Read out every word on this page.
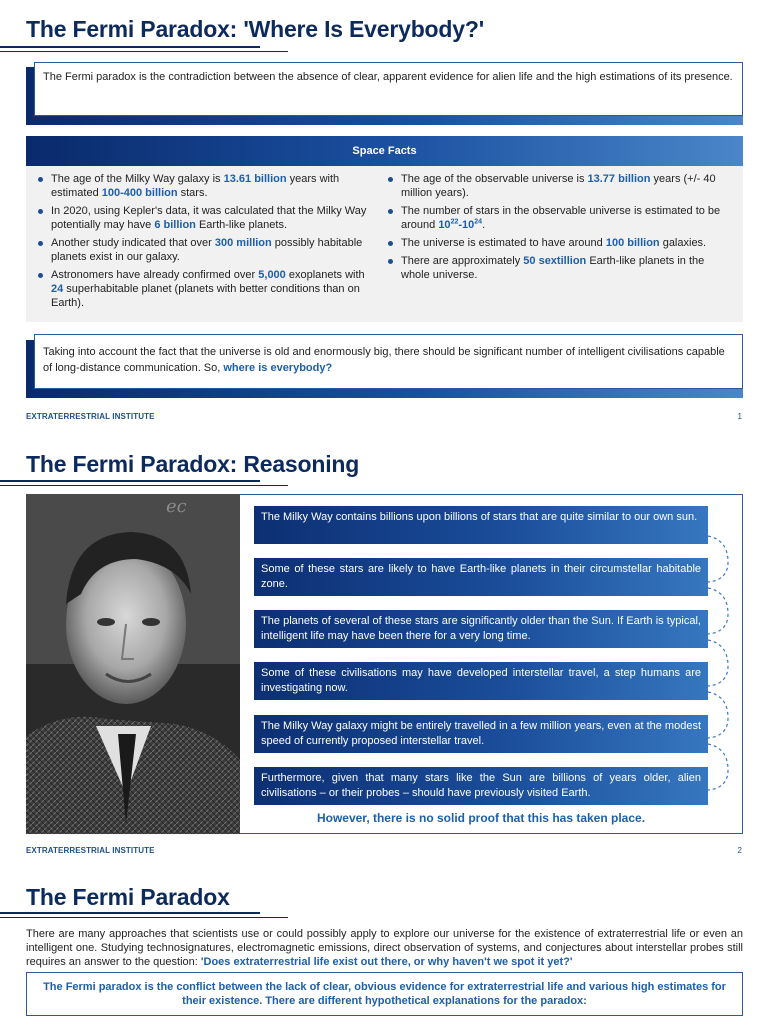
The Fermi Paradox: 'Where Is Everybody?'
The Fermi paradox is the contradiction between the absence of clear, apparent evidence for alien life and the high estimations of its presence.
Space Facts
The age of the Milky Way galaxy is 13.61 billion years with estimated 100-400 billion stars.
In 2020, using Kepler's data, it was calculated that the Milky Way potentially may have 6 billion Earth-like planets.
Another study indicated that over 300 million possibly habitable planets exist in our galaxy.
Astronomers have already confirmed over 5,000 exoplanets with 24 superhabitable planet (planets with better conditions than on Earth).
The age of the observable universe is 13.77 billion years (+/- 40 million years).
The number of stars in the observable universe is estimated to be around $10^{22}-10^{24}$.
The universe is estimated to have around 100 billion galaxies.
There are approximately 50 sextillion Earth-like planets in the whole universe.
Taking into account the fact that the universe is old and enormously big, there should be significant number of intelligent civilisations capable of long-distance communication. So, where is everybody?
EXTRATERRESTRIAL INSTITUTE	1
The Fermi Paradox: Reasoning
ec	The Milky Way contains billions upon billions of stars that are quite similar to our own sun.
Some of these stars are likely to have Earth-like planets in their circumstellar habitable zone.
The planets of several of these stars are significantly older than the Sun. If Earth is typical, intelligent life may have been there for a very long time.
Some of these civilisations may have developed interstellar travel, a step humans are investigating now.
The Milky Way galaxy might be entirely travelled in a few million years, even at the modest speed of currently proposed interstellar travel.
Furthermore, given that many stars like the Sun are billions of years older, alien civilisations – or their probes – should have previously visited Earth.
However, there is no solid proof that this has taken place.
EXTRATERRESTRIAL INSTITUTE	2
The Fermi Paradox

There are many approaches that scientists use or could possibly apply to explore our universe for the existence of extraterrestrial life or even an intelligent one. Studying technosignatures, electromagnetic emissions, direct observation of systems, and conjectures about interstellar probes still requires an answer to the question: 'Does extraterrestrial life exist out there, or why haven't we spot it yet?'

The Fermi paradox is the conflict between the lack of clear, obvious evidence for extraterrestrial life and various high estimates for their existence. There are different hypothetical explanations for the paradox:
